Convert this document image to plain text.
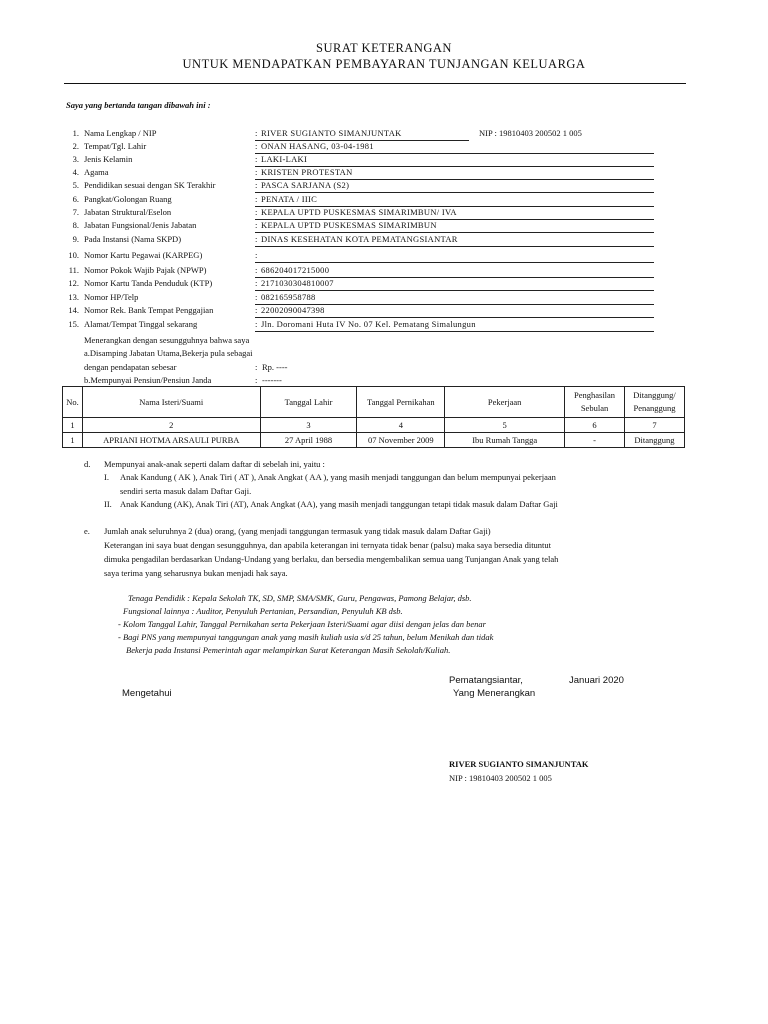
SURAT KETERANGAN
UNTUK MENDAPATKAN PEMBAYARAN TUNJANGAN KELUARGA
Saya yang bertanda tangan dibawah ini :
1. Nama Lengkap / NIP	: RIVER SUGIANTO SIMANJUNTAK	NIP : 19810403 200502 1 005
2. Tempat/Tgl. Lahir	: ONAN HASANG, 03-04-1981
3. Jenis Kelamin	: LAKI-LAKI
4. Agama	: KRISTEN PROTESTAN
5. Pendidikan sesuai dengan SK Terakhir	: PASCA SARJANA (S2)
6. Pangkat/Golongan Ruang	: PENATA / IIIC
7. Jabatan Struktural/Eselon	: KEPALA UPTD PUSKESMAS SIMARIMBUN/ IVA
8. Jabatan Fungsional/Jenis Jabatan	: KEPALA UPTD PUSKESMAS SIMARIMBUN
9. Pada Instansi (Nama SKPD)	: DINAS KESEHATAN KOTA PEMATANGSIANTAR
10. Nomor Kartu Pegawai (KARPEG)	:
11. Nomor Pokok Wajib Pajak (NPWP)	: 686204017215000
12. Nomor Kartu Tanda Penduduk (KTP)	: 2171030304810007
13. Nomor HP/Telp	: 082165958788
14. Nomor Rek. Bank Tempat Penggajian	: 22002090047398
15. Alamat/Tempat Tinggal sekarang	: Jln. Doromani Huta IV No. 07 Kel. Pematang Simalungun
Menerangkan dengan sesungguhnya bahwa saya
a.Disamping Jabatan Utama,Bekerja pula sebagai
dengan pendapatan sebesar	: Rp. ----
b.Mempunyai Pensiun/Pensiun Janda	: -------
No.	Nama Isteri/Suami	Tanggal Lahir	Tanggal Pernikahan	Pekerjaan	Penghasilan Sebulan	Ditanggung/ Penanggung
1	2	3	4	5	6	7
1	APRIANI HOTMA ARSAULI PURBA	27 April 1988	07 November 2009	Ibu Rumah Tangga	-	Ditanggung
d. Mempunyai anak-anak seperti dalam daftar di sebelah ini, yaitu :
I. Anak Kandung ( AK ), Anak Tiri ( AT ), Anak Angkat ( AA ), yang masih menjadi tanggungan dan belum mempunyai pekerjaan
sendiri serta masuk dalam Daftar Gaji.
II. Anak Kandung (AK), Anak Tiri (AT), Anak Angkat (AA), yang masih menjadi tanggungan tetapi tidak masuk dalam Daftar Gaji
e. Jumlah anak seluruhnya 2 (dua) orang, (yang menjadi tanggungan termasuk yang tidak masuk dalam Daftar Gaji)
Keterangan ini saya buat dengan sesungguhnya, dan apabila keterangan ini ternyata tidak benar (palsu) maka saya bersedia dituntut
dimuka pengadilan berdasarkan Undang-Undang yang berlaku, dan bersedia mengembalikan semua uang Tunjangan Anak yang telah
saya terima yang seharusnya bukan menjadi hak saya.
Tenaga Pendidik : Kepala Sekolah TK, SD, SMP, SMA/SMK, Guru, Pengawas, Pamong Belajar, dsb.
Fungsional lainnya : Auditor, Penyuluh Pertanian, Persandian, Penyuluh KB dsb.
- Kolom Tanggal Lahir, Tanggal Pernikahan serta Pekerjaan Isteri/Suami agar diisi dengan jelas dan benar
- Bagi PNS yang mempunyai tanggungan anak yang masih kuliah usia s/d 25 tahun, belum Menikah dan tidak
Bekerja pada Instansi Pemerintah agar melampirkan Surat Keterangan Masih Sekolah/Kuliah.
Pematangsiantar,	Januari 2020
Mengetahui	Yang Menerangkan
RIVER SUGIANTO SIMANJUNTAK
NIP : 19810403 200502 1 005
